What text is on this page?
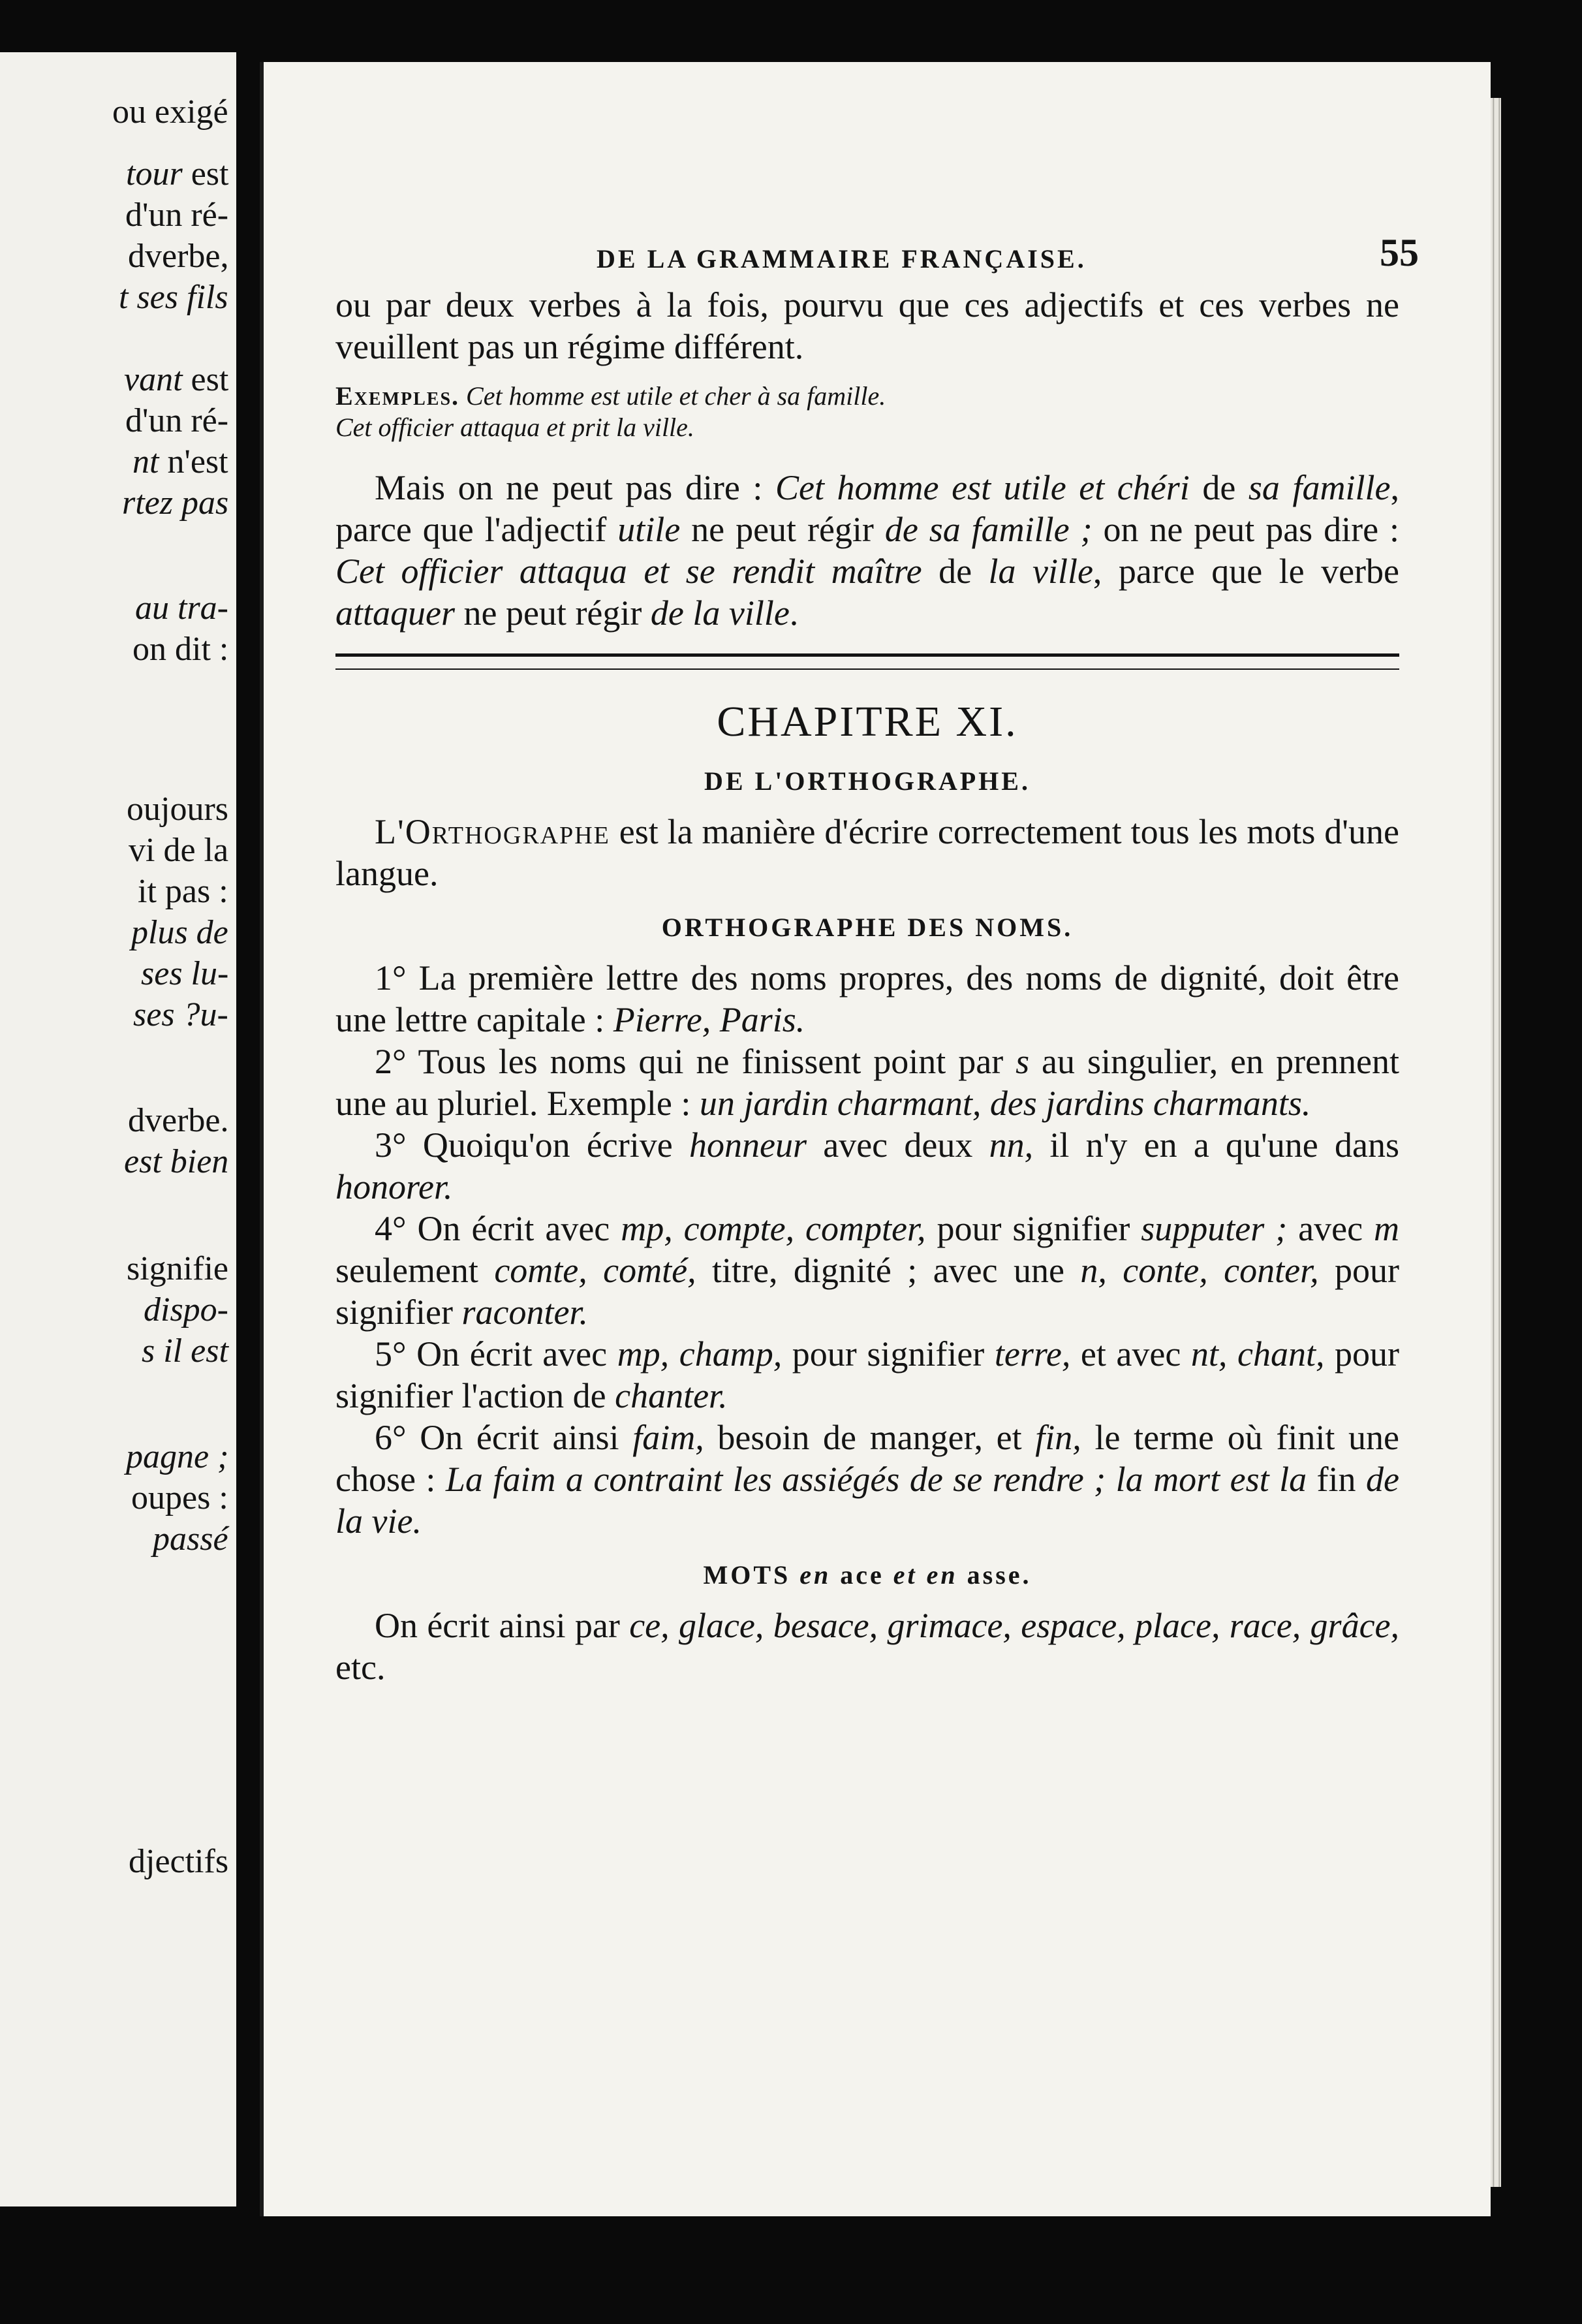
ou exigé
tour est
d'un ré-
dverbe,
t ses fils
vant est
d'un ré-
nt n'est
rtez pas
au tra-
on dit :
oujours
vi de la
it pas :
plus de
ses lu-
ses ?u-
dverbe.
est bien
signifie
dispo-
s il est
pagne ;
oupes :
passé
djectifs
DE LA GRAMMAIRE FRANÇAISE.	55

ou par deux verbes à la fois, pourvu que ces adjectifs et ces verbes ne veuillent pas un régime différent.

Exemples. Cet homme est utile et cher à sa famille.
Cet officier attaqua et prit la ville.

Mais on ne peut pas dire : Cet homme est utile et chéri de sa famille, parce que l'adjectif utile ne peut régir de sa famille ; on ne peut pas dire : Cet officier attaqua et se rendit maître de la ville, parce que le verbe attaquer ne peut régir de la ville.

CHAPITRE XI.
DE L'ORTHOGRAPHE.

L'Orthographe est la manière d'écrire correctement tous les mots d'une langue.

ORTHOGRAPHE DES NOMS.

1° La première lettre des noms propres, des noms de dignité, doit être une lettre capitale : Pierre, Paris.

2° Tous les noms qui ne finissent point par s au singulier, en prennent une au pluriel. Exemple : un jardin charmant, des jardins charmants.

3° Quoiqu'on écrive honneur avec deux nn, il n'y en a qu'une dans honorer.

4° On écrit avec mp, compte, compter, pour signifier supputer ; avec m seulement comte, comté, titre, dignité ; avec une n, conte, conter, pour signifier raconter.

5° On écrit avec mp, champ, pour signifier terre, et avec nt, chant, pour signifier l'action de chanter.

6° On écrit ainsi faim, besoin de manger, et fin, le terme où finit une chose : La faim a contraint les assiégés de se rendre ; la mort est la fin de la vie.

MOTS en ace et en asse.

On écrit ainsi par ce, glace, besace, grimace, espace, place, race, grâce, etc.
